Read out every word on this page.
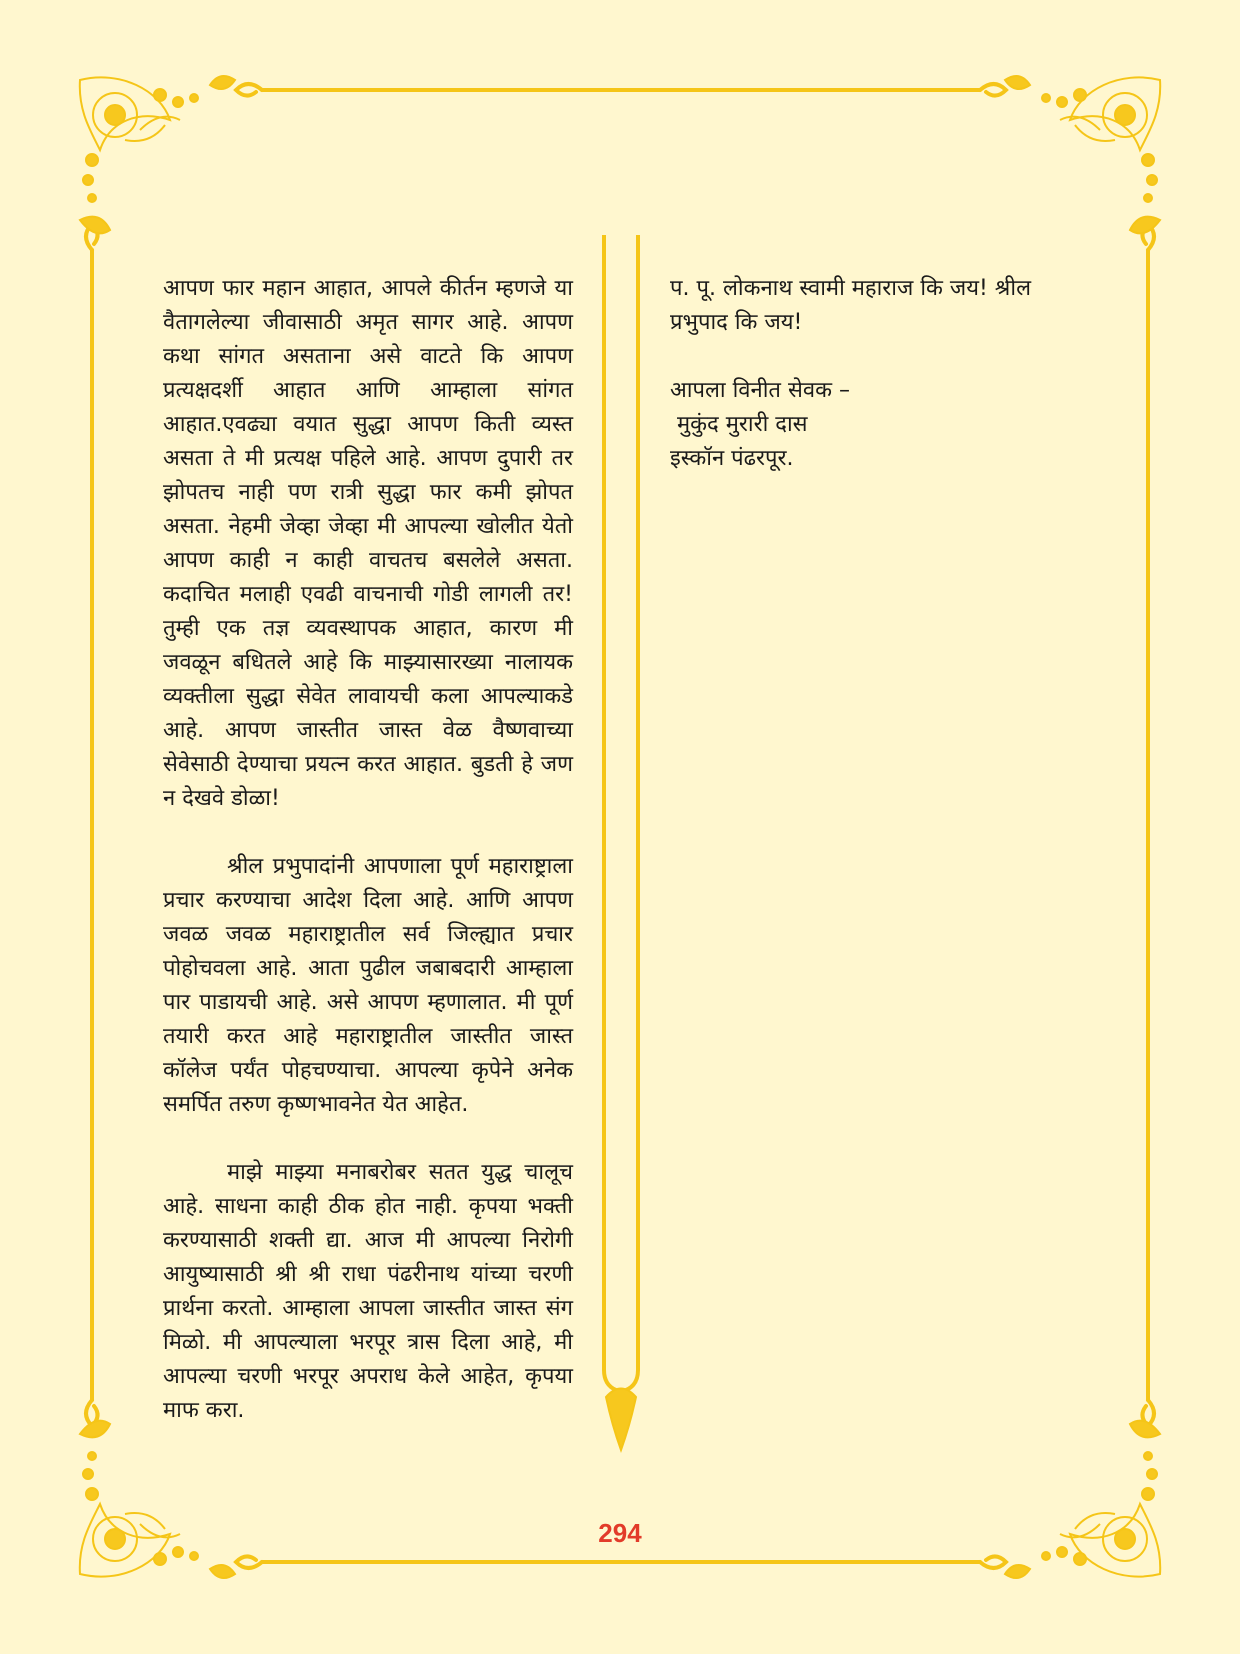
आपण फार महान आहात, आपले कीर्तन म्हणजे या वैतागलेल्या जीवासाठी अमृत सागर आहे. आपण कथा सांगत असताना असे वाटते कि आपण प्रत्यक्षदर्शी आहात आणि आम्हाला सांगत आहात.एवढ्या वयात सुद्धा आपण किती व्यस्त असता ते मी प्रत्यक्ष पहिले आहे. आपण दुपारी तर झोपतच नाही पण रात्री सुद्धा फार कमी झोपत असता. नेहमी जेव्हा जेव्हा मी आपल्या खोलीत येतो आपण काही न काही वाचतच बसलेले असता. कदाचित मलाही एवढी वाचनाची गोडी लागली तर! तुम्ही एक तज्ञ व्यवस्थापक आहात, कारण मी जवळून बधितले आहे कि माझ्यासारख्या नालायक व्यक्तीला सुद्धा सेवेत लावायची कला आपल्याकडे आहे. आपण जास्तीत जास्त वेळ वैष्णवाच्या सेवेसाठी देण्याचा प्रयत्न करत आहात. बुडती हे जण न देखवे डोळा!

श्रील प्रभुपादांनी आपणाला पूर्ण महाराष्ट्राला प्रचार करण्याचा आदेश दिला आहे. आणि आपण जवळ जवळ महाराष्ट्रातील सर्व जिल्ह्यात प्रचार पोहोचवला आहे. आता पुढील जबाबदारी आम्हाला पार पाडायची आहे. असे आपण म्हणालात. मी पूर्ण तयारी करत आहे महाराष्ट्रातील जास्तीत जास्त कॉलेज पर्यंत पोहचण्याचा. आपल्या कृपेने अनेक समर्पित तरुण कृष्णभावनेत येत आहेत.

माझे माझ्या मनाबरोबर सतत युद्ध चालूच आहे. साधना काही ठीक होत नाही. कृपया भक्ती करण्यासाठी शक्ती द्या. आज मी आपल्या निरोगी आयुष्यासाठी श्री श्री राधा पंढरीनाथ यांच्या चरणी प्रार्थना करतो. आम्हाला आपला जास्तीत जास्त संग मिळो. मी आपल्याला भरपूर त्रास दिला आहे, मी आपल्या चरणी भरपूर अपराध केले आहेत, कृपया माफ करा.

प. पू. लोकनाथ स्वामी महाराज कि जय! श्रील प्रभुपाद कि जय!

आपला विनीत सेवक –
मुकुंद मुरारी दास
इस्कॉन पंढरपूर.
294
